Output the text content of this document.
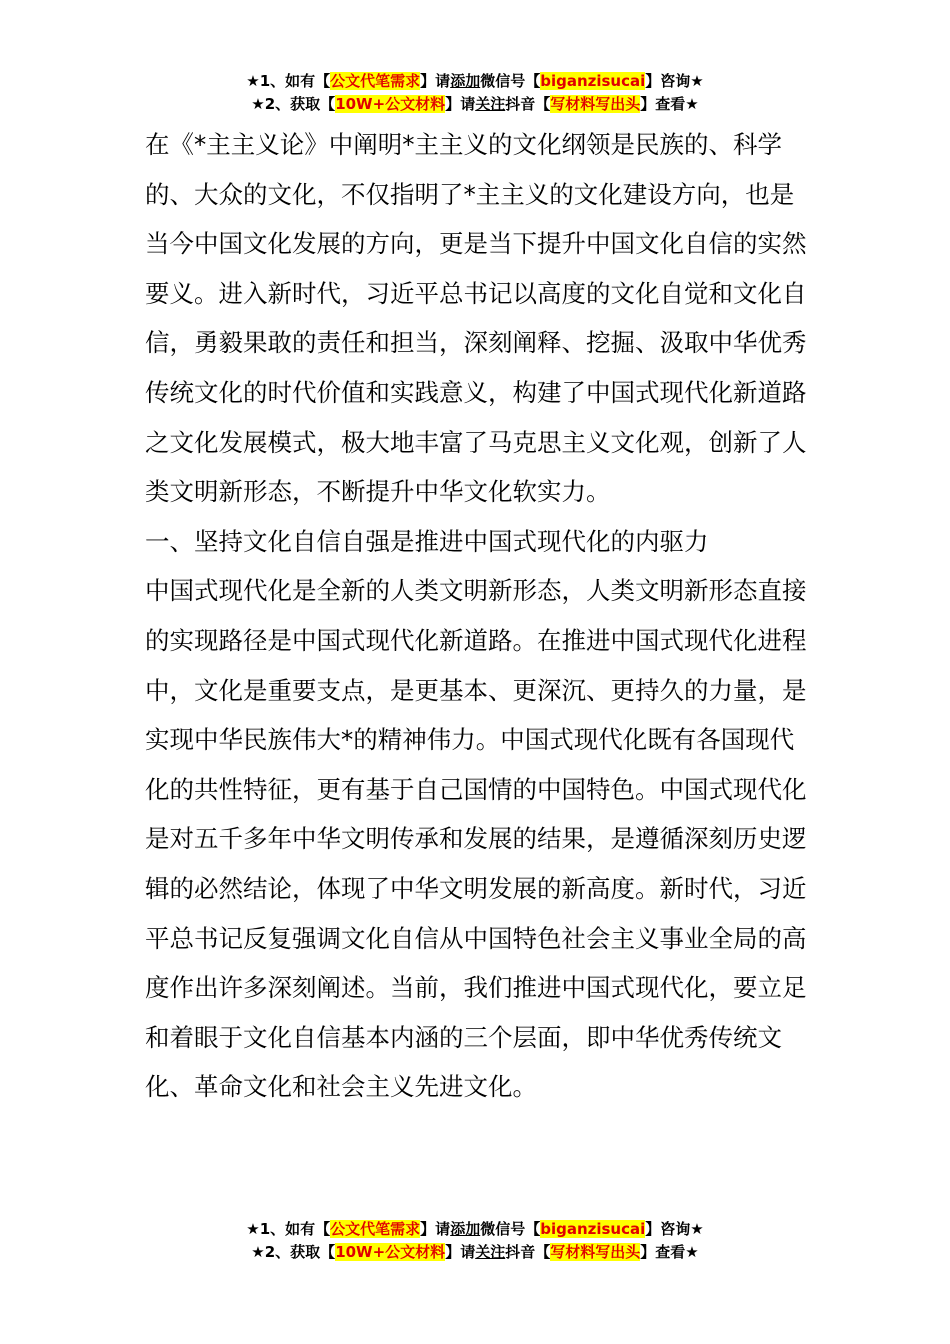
★1、如有【公文代笔需求】请添加微信号【biganzisucai】咨询★
★2、获取【10W+公文材料】请关注抖音【写材料写出头】查看★

在《*主主义论》中阐明*主主义的文化纲领是民族的、科学的、大众的文化，不仅指明了*主主义的文化建设方向，也是当今中国文化发展的方向，更是当下提升中国文化自信的实然要义。进入新时代，习近平总书记以高度的文化自觉和文化自信，勇毅果敢的责任和担当，深刻阐释、挖掘、汲取中华优秀传统文化的时代价值和实践意义，构建了中国式现代化新道路之文化发展模式，极大地丰富了马克思主义文化观，创新了人类文明新形态，不断提升中华文化软实力。

一、坚持文化自信自强是推进中国式现代化的内驱力

中国式现代化是全新的人类文明新形态，人类文明新形态直接的实现路径是中国式现代化新道路。在推进中国式现代化进程中，文化是重要支点，是更基本、更深沉、更持久的力量，是实现中华民族伟大*的精神伟力。中国式现代化既有各国现代化的共性特征，更有基于自己国情的中国特色。中国式现代化是对五千多年中华文明传承和发展的结果，是遵循深刻历史逻辑的必然结论，体现了中华文明发展的新高度。新时代，习近平总书记反复强调文化自信从中国特色社会主义事业全局的高度作出许多深刻阐述。当前，我们推进中国式现代化，要立足和着眼于文化自信基本内涵的三个层面，即中华优秀传统文化、革命文化和社会主义先进文化。

★1、如有【公文代笔需求】请添加微信号【biganzisucai】咨询★
★2、获取【10W+公文材料】请关注抖音【写材料写出头】查看★
